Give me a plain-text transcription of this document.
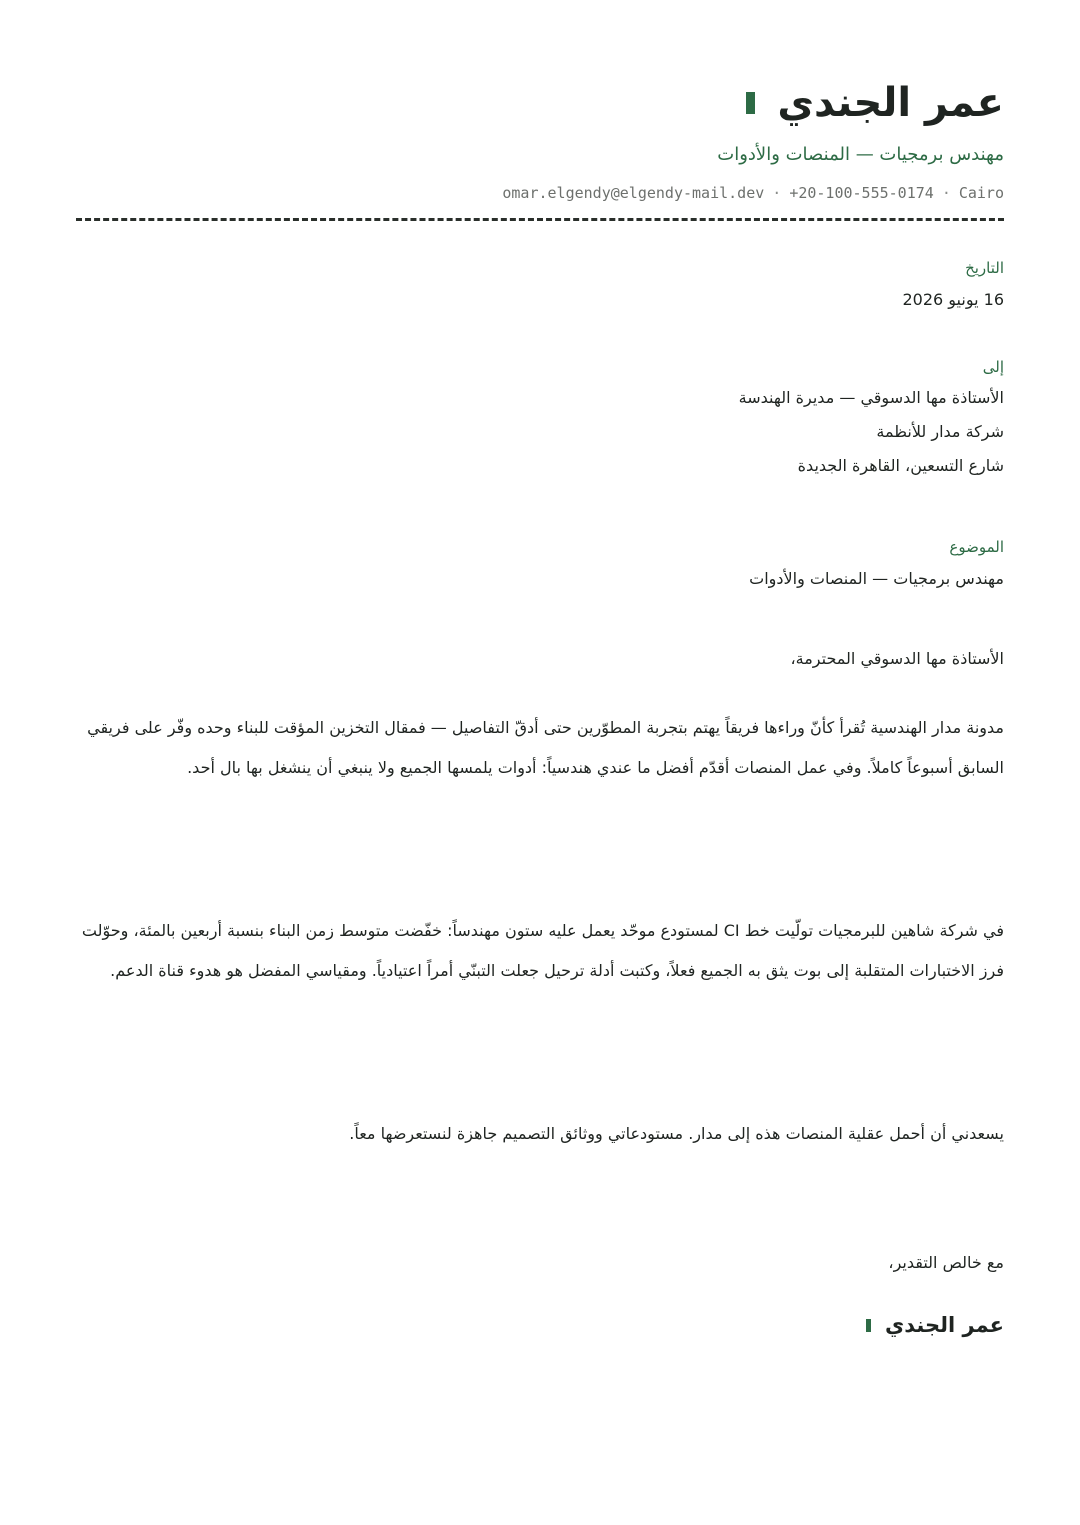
عمر الجندي
مهندس برمجيات — المنصات والأدوات
omar.elgendy@elgendy-mail.dev · +20-100-555-0174 · Cairo
التاريخ
16 يونيو 2026
إلى
الأستاذة مها الدسوقي — مديرة الهندسة
شركة مدار للأنظمة
شارع التسعين، القاهرة الجديدة
الموضوع
مهندس برمجيات — المنصات والأدوات
الأستاذة مها الدسوقي المحترمة،

مدونة مدار الهندسية تُقرأ كأنّ وراءها فريقاً يهتم بتجربة المطوّرين حتى أدقّ التفاصيل — فمقال التخزين المؤقت للبناء وحده وفّر على فريقي السابق أسبوعاً كاملاً. وفي عمل المنصات أقدّم أفضل ما عندي هندسياً: أدوات يلمسها الجميع ولا ينبغي أن ينشغل بها بال أحد.

في شركة شاهين للبرمجيات تولّيت خط CI لمستودع موحّد يعمل عليه ستون مهندساً: خفّضت متوسط زمن البناء بنسبة أربعين بالمئة، وحوّلت فرز الاختبارات المتقلبة إلى بوت يثق به الجميع فعلاً، وكتبت أدلة ترحيل جعلت التبنّي أمراً اعتيادياً. ومقياسي المفضل هو هدوء قناة الدعم.

يسعدني أن أحمل عقلية المنصات هذه إلى مدار. مستودعاتي ووثائق التصميم جاهزة لنستعرضها معاً.

مع خالص التقدير،
عمر الجندي
